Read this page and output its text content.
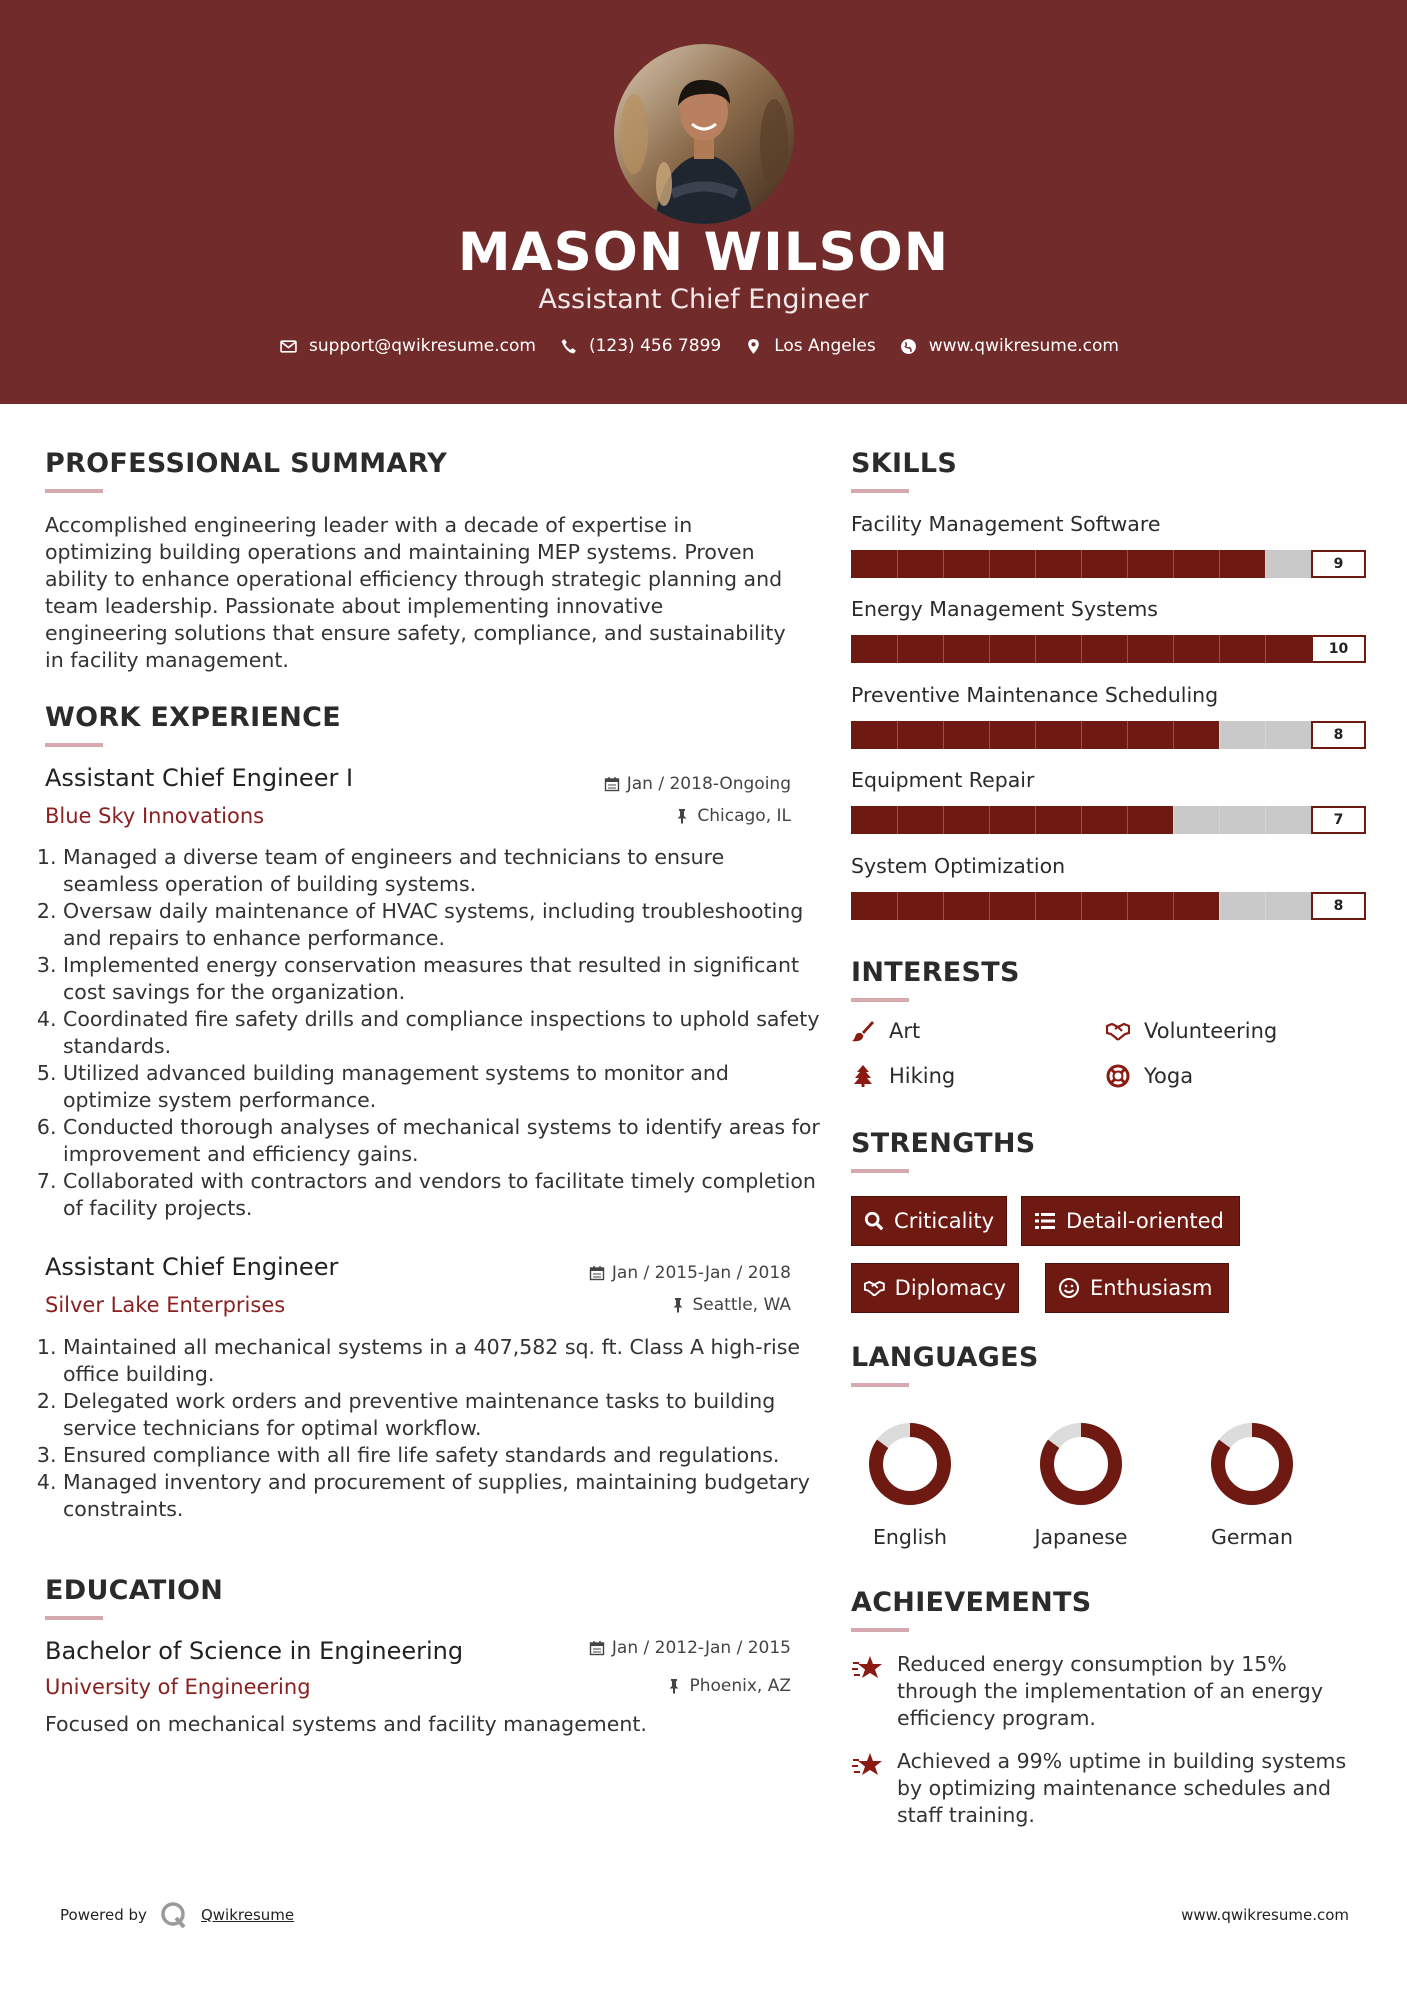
MASON WILSON
Assistant Chief Engineer
support@qwikresume.com	(123) 456 7899	Los Angeles	www.qwikresume.com
PROFESSIONAL SUMMARY
Accomplished engineering leader with a decade of expertise in optimizing building operations and maintaining MEP systems. Proven ability to enhance operational efficiency through strategic planning and team leadership. Passionate about implementing innovative engineering solutions that ensure safety, compliance, and sustainability in facility management.
WORK EXPERIENCE
Assistant Chief Engineer I	Jan / 2018-Ongoing
Blue Sky Innovations	Chicago, IL
1. Managed a diverse team of engineers and technicians to ensure seamless operation of building systems.
2. Oversaw daily maintenance of HVAC systems, including troubleshooting and repairs to enhance performance.
3. Implemented energy conservation measures that resulted in significant cost savings for the organization.
4. Coordinated fire safety drills and compliance inspections to uphold safety standards.
5. Utilized advanced building management systems to monitor and optimize system performance.
6. Conducted thorough analyses of mechanical systems to identify areas for improvement and efficiency gains.
7. Collaborated with contractors and vendors to facilitate timely completion of facility projects.
Assistant Chief Engineer	Jan / 2015-Jan / 2018
Silver Lake Enterprises	Seattle, WA
1. Maintained all mechanical systems in a 407,582 sq. ft. Class A high-rise office building.
2. Delegated work orders and preventive maintenance tasks to building service technicians for optimal workflow.
3. Ensured compliance with all fire life safety standards and regulations.
4. Managed inventory and procurement of supplies, maintaining budgetary constraints.
EDUCATION
Bachelor of Science in Engineering	Jan / 2012-Jan / 2015
University of Engineering	Phoenix, AZ
Focused on mechanical systems and facility management.
SKILLS
Facility Management Software
9
Energy Management Systems
10
Preventive Maintenance Scheduling
8
Equipment Repair
7
System Optimization
8
INTERESTS
Art	Volunteering
Hiking	Yoga
STRENGTHS
Criticality	Detail-oriented
Diplomacy	Enthusiasm
LANGUAGES
English	Japanese	German
ACHIEVEMENTS
Reduced energy consumption by 15% through the implementation of an energy efficiency program.
Achieved a 99% uptime in building systems by optimizing maintenance schedules and staff training.
Powered by	Qwikresume	www.qwikresume.com
